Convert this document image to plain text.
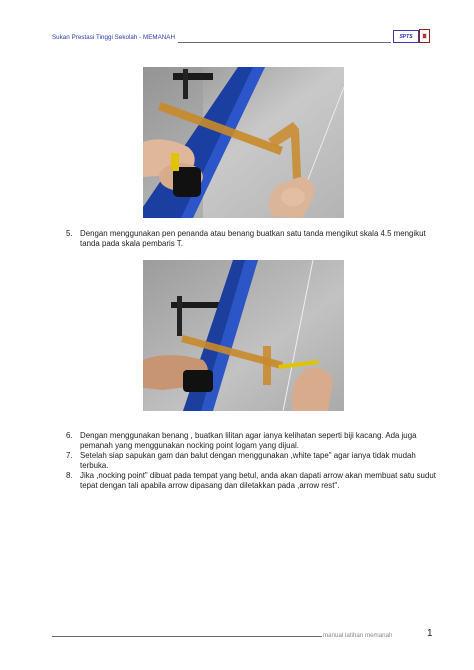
Sukan Prestasi Tinggi Sekolah - MEMANAH	SPTS
5. Dengan menggunakan pen penanda atau benang buatkan satu tanda mengikut skala 4.5 mengikut tanda pada skala pembaris T.
6. Dengan menggunakan benang , buatkan lilitan agar ianya kelihatan seperti biji kacang. Ada juga pemanah yang menggunakan nocking point logam yang dijual.
7. Setelah siap sapukan gam dan balut dengan menggunakan ,white tape" agar ianya tidak mudah terbuka.
8. Jika ,nocking point" dibuat pada tempat yang betul, anda akan dapati arrow akan membuat satu sudut tepat dengan tali apabila arrow dipasang dan diletakkan pada ,arrow rest".
manual latihan memanah	1
